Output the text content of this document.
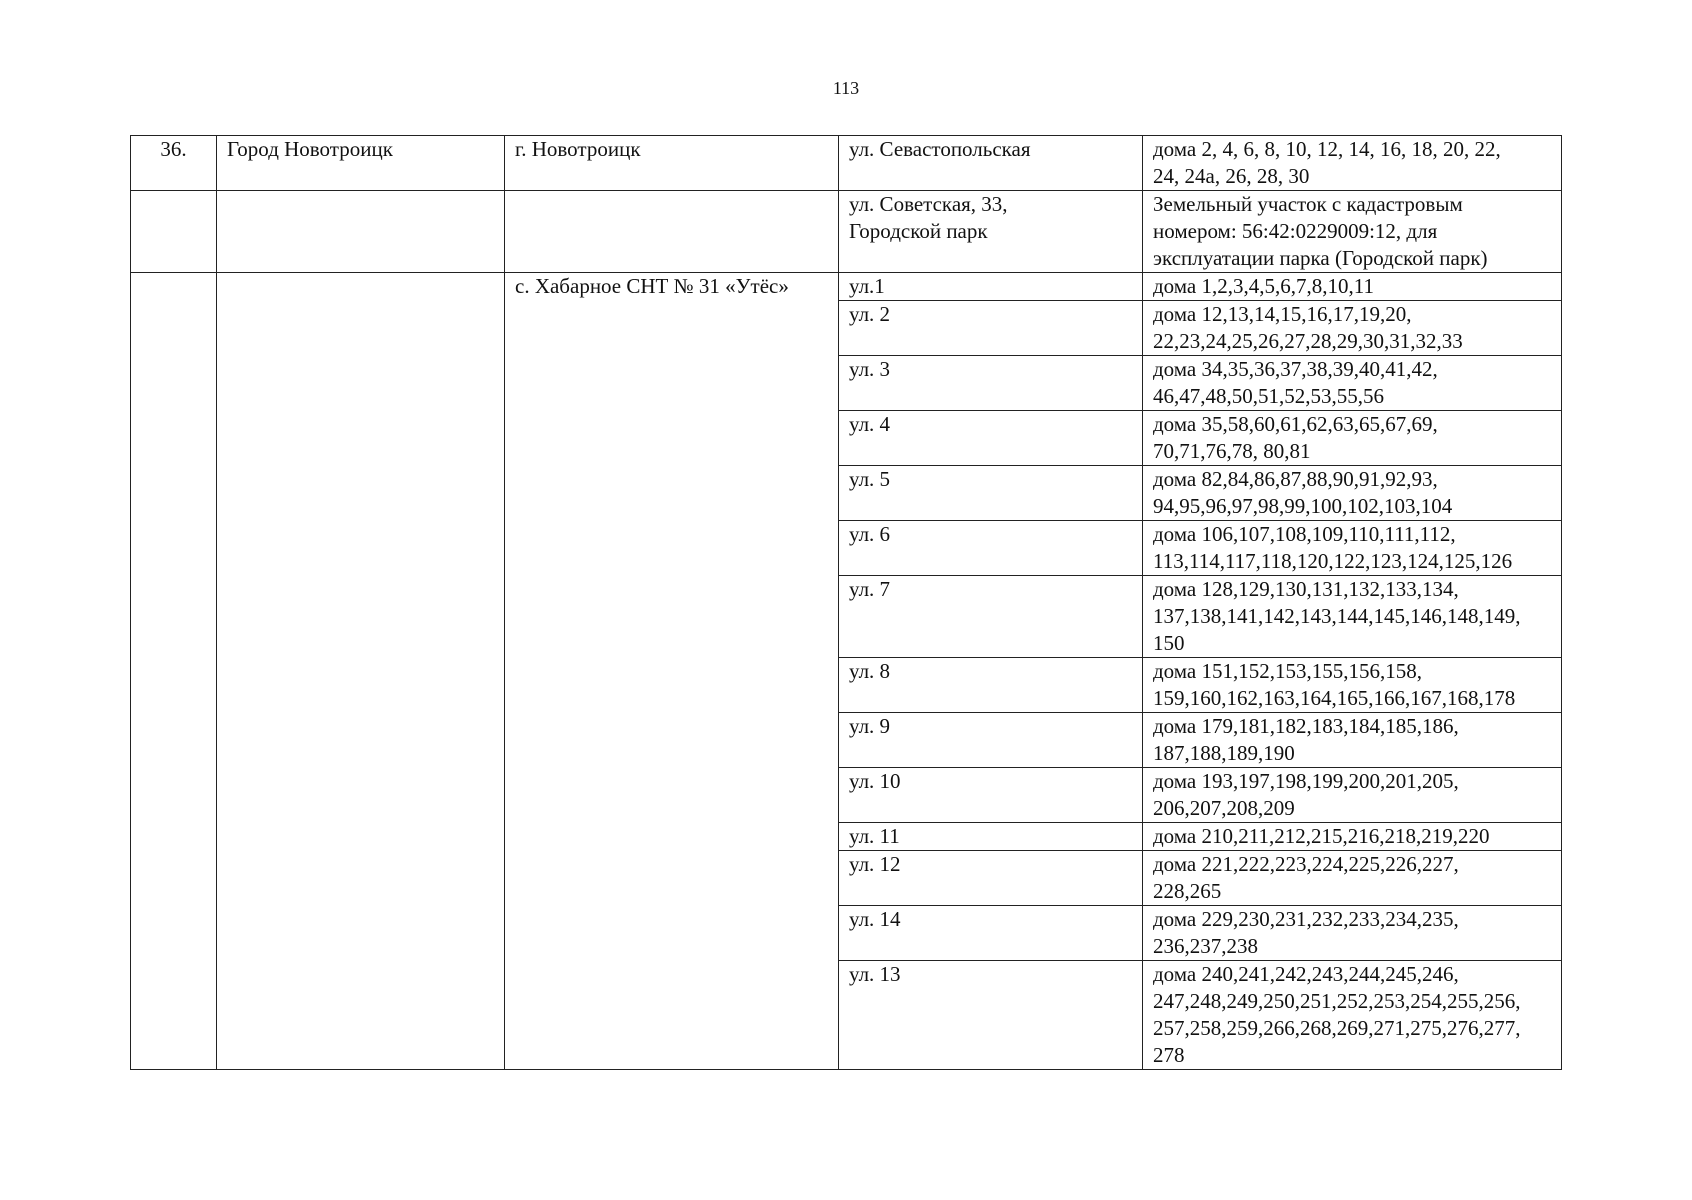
113
36.	Город Новотроицк	г. Новотроицк	ул. Севастопольская	дома 2, 4, 6, 8, 10, 12, 14, 16, 18, 20, 22,
24, 24а, 26, 28, 30
			ул. Советская, 33,
Городской парк	Земельный участок с кадастровым
номером: 56:42:0229009:12, для
эксплуатации парка (Городской парк)
		с. Хабарное СНТ № 31 «Утёс»	ул.1	дома 1,2,3,4,5,6,7,8,10,11
			ул. 2	дома 12,13,14,15,16,17,19,20,
22,23,24,25,26,27,28,29,30,31,32,33
			ул. 3	дома 34,35,36,37,38,39,40,41,42,
46,47,48,50,51,52,53,55,56
			ул. 4	дома 35,58,60,61,62,63,65,67,69,
70,71,76,78, 80,81
			ул. 5	дома 82,84,86,87,88,90,91,92,93,
94,95,96,97,98,99,100,102,103,104
			ул. 6	дома 106,107,108,109,110,111,112,
113,114,117,118,120,122,123,124,125,126
			ул. 7	дома 128,129,130,131,132,133,134,
137,138,141,142,143,144,145,146,148,149,
150
			ул. 8	дома 151,152,153,155,156,158,
159,160,162,163,164,165,166,167,168,178
			ул. 9	дома 179,181,182,183,184,185,186,
187,188,189,190
			ул. 10	дома 193,197,198,199,200,201,205,
206,207,208,209
			ул. 11	дома 210,211,212,215,216,218,219,220
			ул. 12	дома 221,222,223,224,225,226,227,
228,265
			ул. 14	дома 229,230,231,232,233,234,235,
236,237,238
			ул. 13	дома 240,241,242,243,244,245,246,
247,248,249,250,251,252,253,254,255,256,
257,258,259,266,268,269,271,275,276,277,
278
